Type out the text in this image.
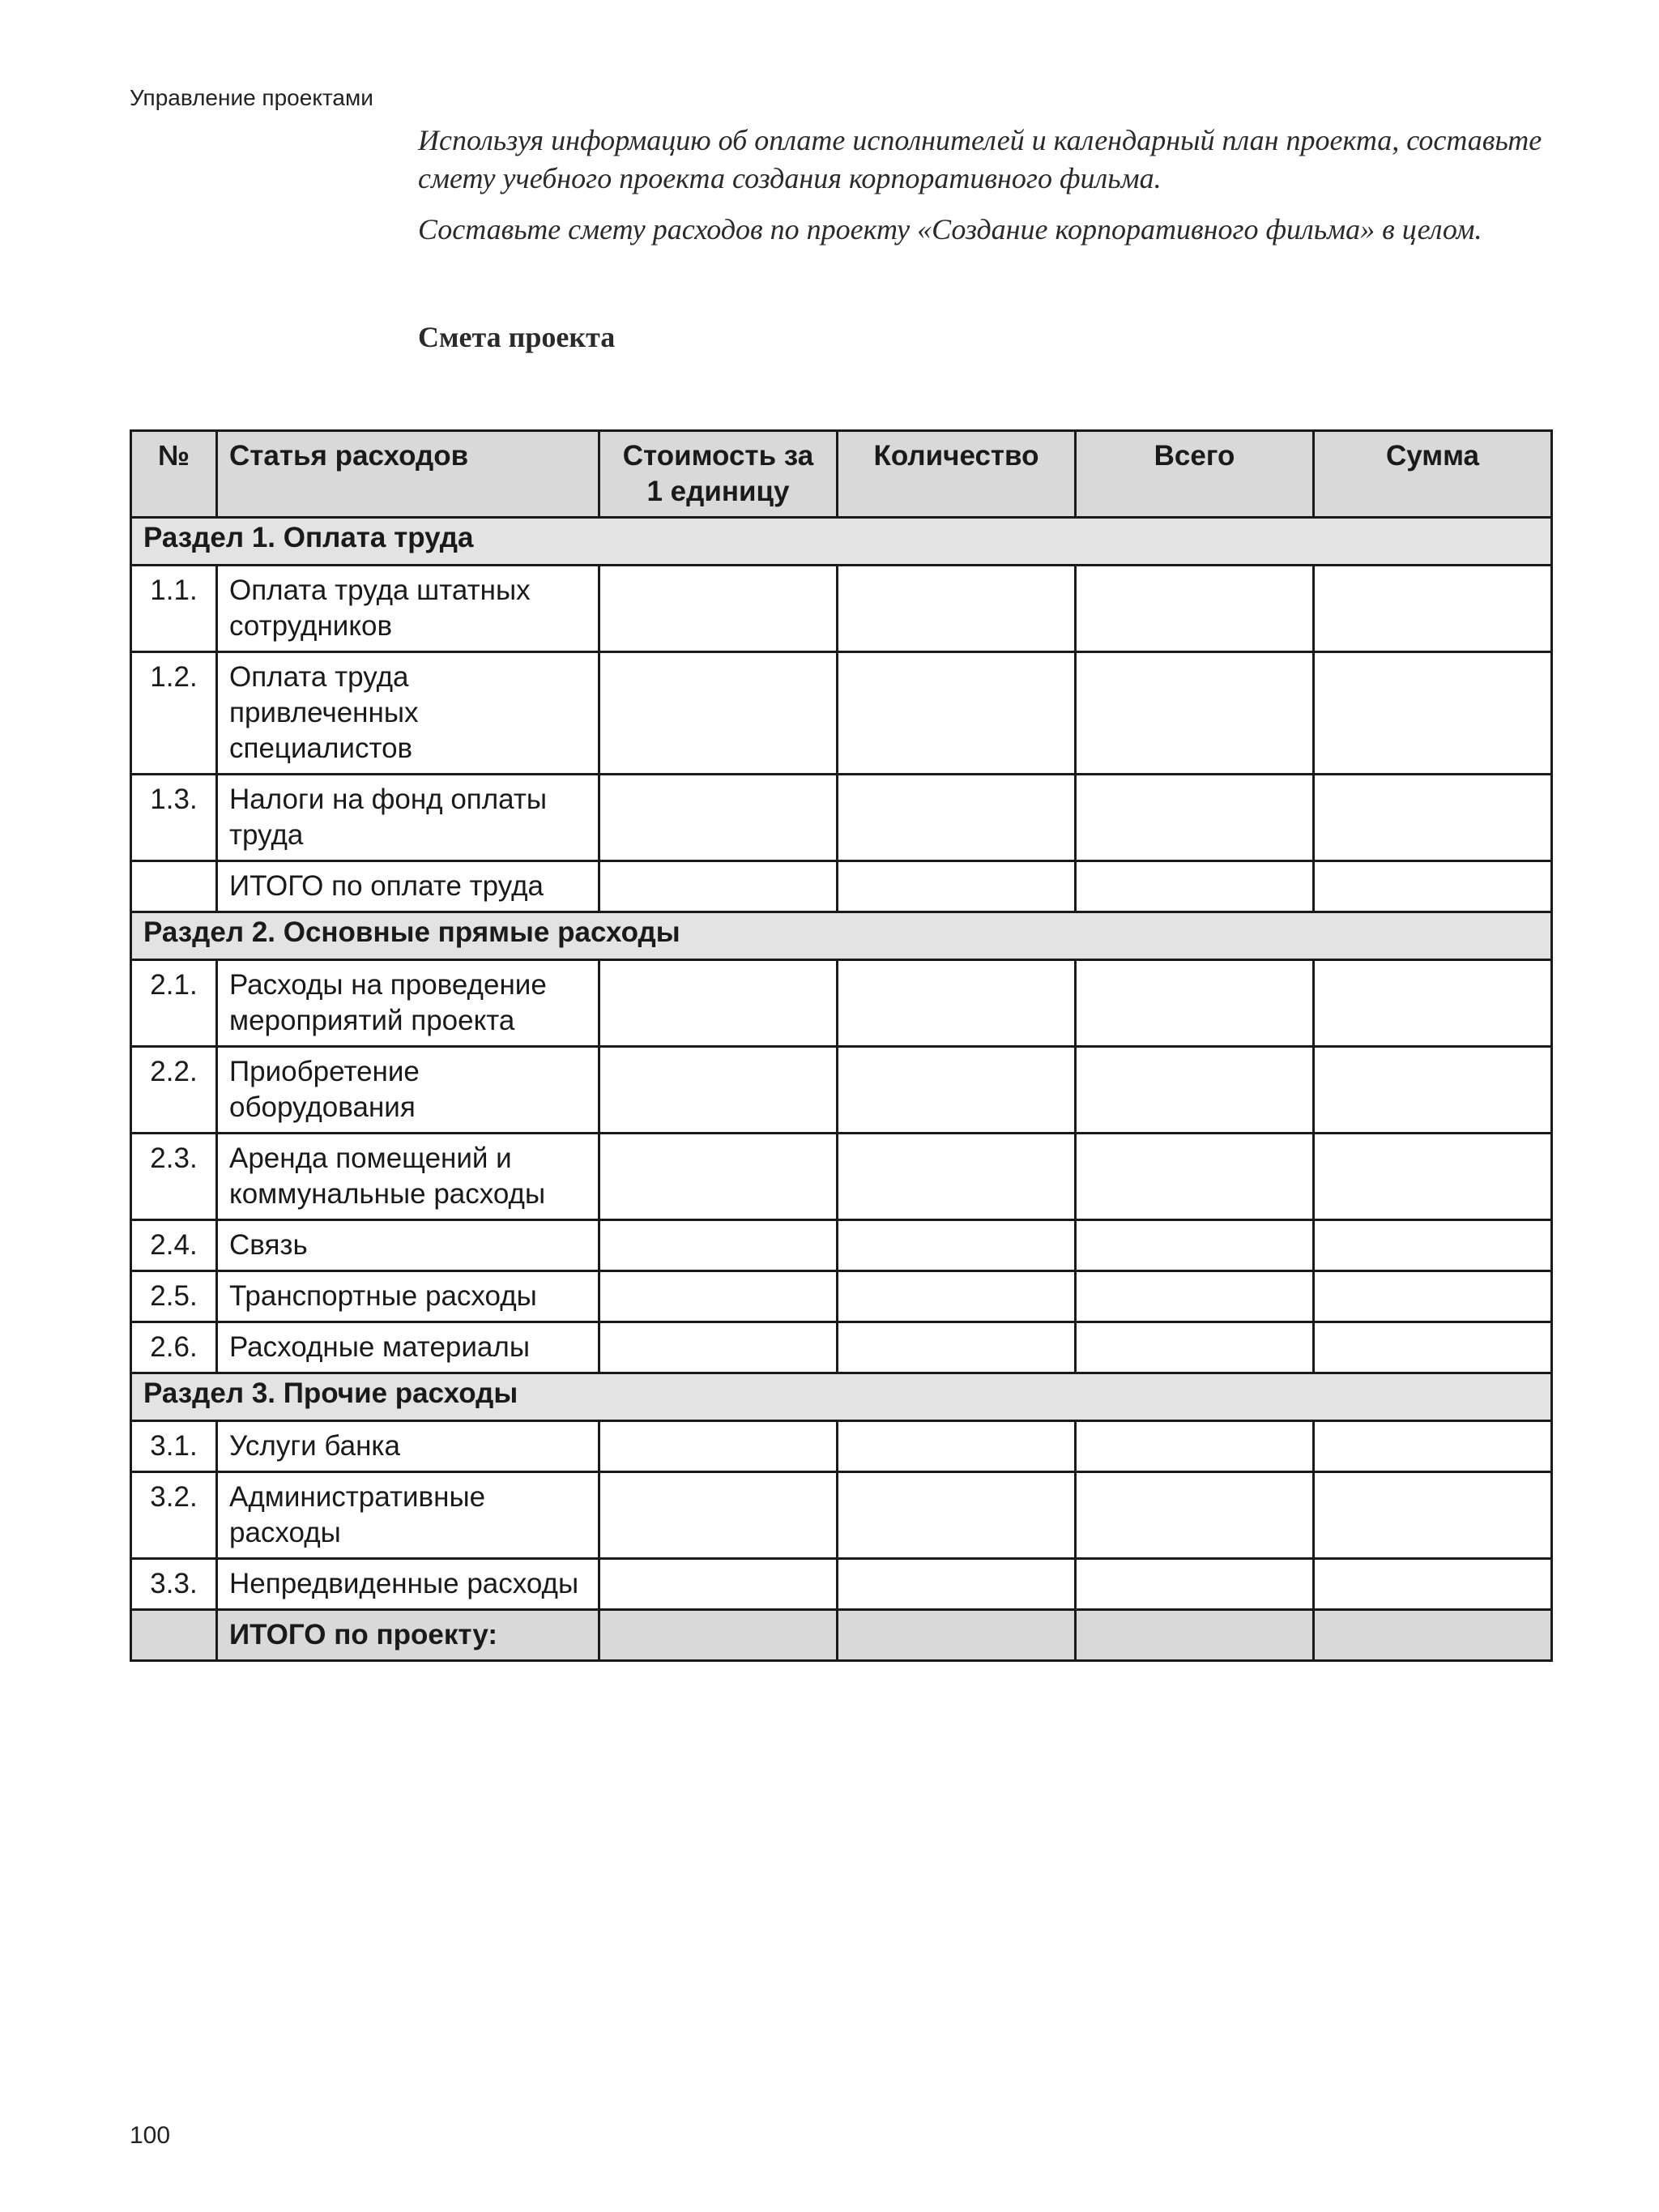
Управление проектами

Используя информацию об оплате исполнителей и календарный план проекта, составьте смету учебного проекта создания корпоративного фильма.

Составьте смету расходов по проекту «Создание корпоративного фильма» в целом.

Смета проекта
№	Статья расходов	Стоимость за 1 единицу	Количество	Всего	Сумма
Раздел 1. Оплата труда					
1.1.	Оплата труда штатных сотрудников				
1.2.	Оплата труда привлеченных специалистов				
1.3.	Налоги на фонд оплаты труда				
	ИТОГО по оплате труда				
Раздел 2. Основные прямые расходы					
2.1.	Расходы на проведение мероприятий проекта				
2.2.	Приобретение оборудования				
2.3.	Аренда помещений и коммунальные расходы				
2.4.	Связь				
2.5.	Транспортные расходы				
2.6.	Расходные материалы				
Раздел 3. Прочие расходы					
3.1.	Услуги банка				
3.2.	Административные расходы				
3.3.	Непредвиденные расходы				
	ИТОГО по проекту:				
100
